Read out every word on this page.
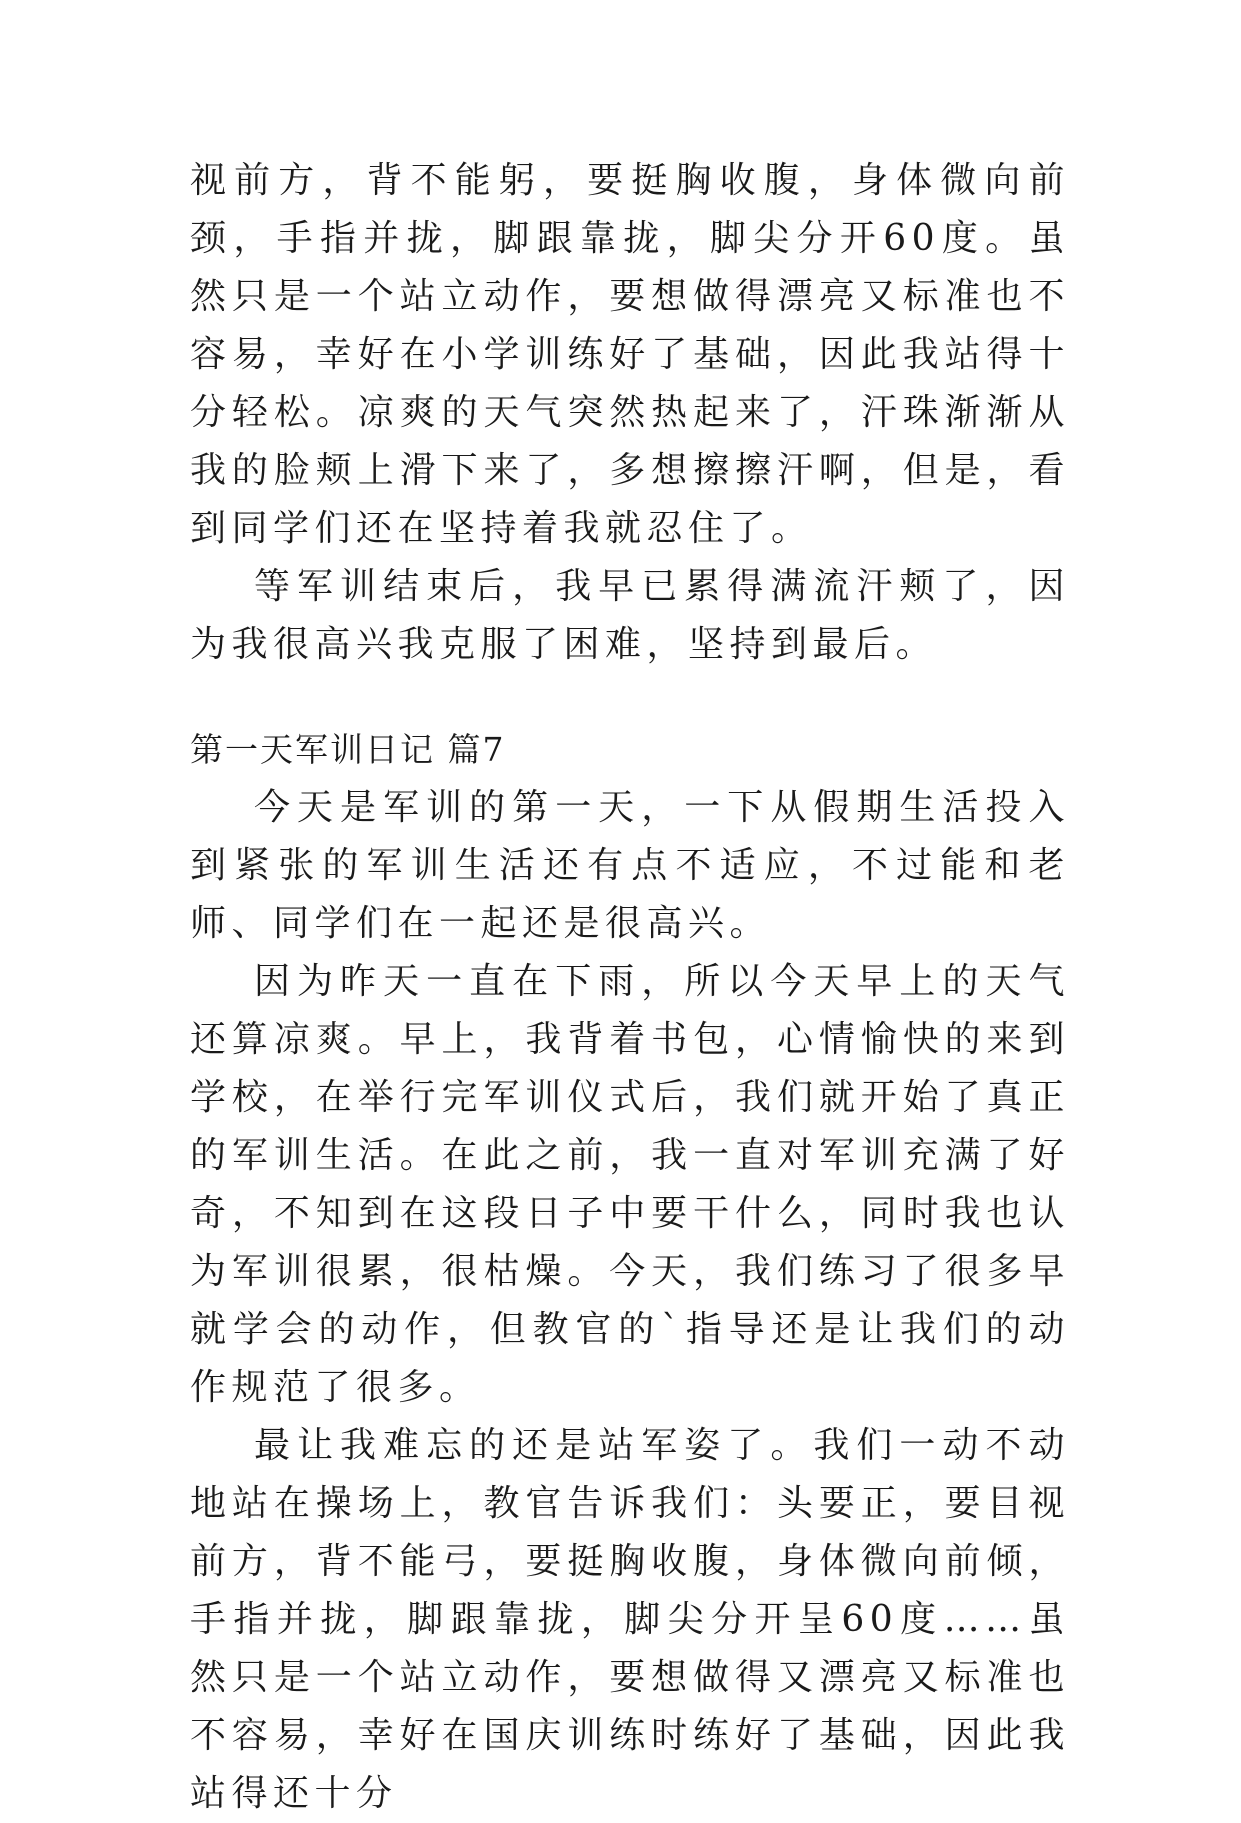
视前方，背不能躬，要挺胸收腹，身体微向前颈，手指并拢，脚跟靠拢，脚尖分开60度。虽然只是一个站立动作，要想做得漂亮又标准也不容易，幸好在小学训练好了基础，因此我站得十分轻松。凉爽的天气突然热起来了，汗珠渐渐从我的脸颊上滑下来了，多想擦擦汗啊，但是，看到同学们还在坚持着我就忍住了。

等军训结束后，我早已累得满流汗颊了，因为我很高兴我克服了困难，坚持到最后。

第一天军训日记 篇7

今天是军训的第一天，一下从假期生活投入到紧张的军训生活还有点不适应，不过能和老师、同学们在一起还是很高兴。

因为昨天一直在下雨，所以今天早上的天气还算凉爽。早上，我背着书包，心情愉快的来到学校，在举行完军训仪式后，我们就开始了真正的军训生活。在此之前，我一直对军训充满了好奇，不知到在这段日子中要干什么，同时我也认为军训很累，很枯燥。今天，我们练习了很多早就学会的动作，但教官的`指导还是让我们的动作规范了很多。

最让我难忘的还是站军姿了。我们一动不动地站在操场上，教官告诉我们：头要正，要目视前方，背不能弓，要挺胸收腹，身体微向前倾，手指并拢，脚跟靠拢，脚尖分开呈60度……虽然只是一个站立动作，要想做得又漂亮又标准也不容易，幸好在国庆训练时练好了基础，因此我站得还十分
